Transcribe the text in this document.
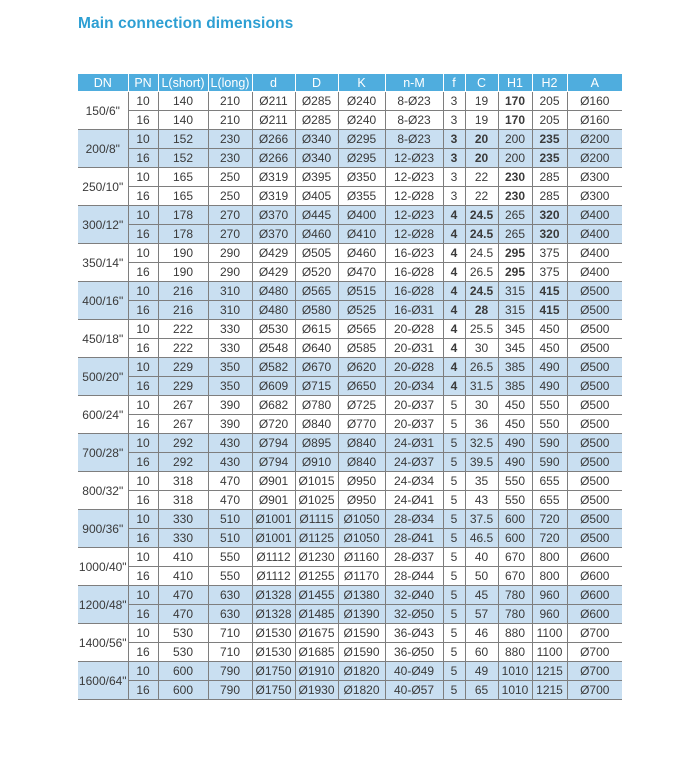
Main connection dimensions
DN	PN	L(short)	L(long)	d	D	K	n-M	f	C	H1	H2	A
150/6"	10	140	210	Ø211	Ø285	Ø240	8-Ø23	3	19	170	205	Ø160
	16	140	210	Ø211	Ø285	Ø240	8-Ø23	3	19	170	205	Ø160
200/8"	10	152	230	Ø266	Ø340	Ø295	8-Ø23	3	20	200	235	Ø200
	16	152	230	Ø266	Ø340	Ø295	12-Ø23	3	20	200	235	Ø200
250/10"	10	165	250	Ø319	Ø395	Ø350	12-Ø23	3	22	230	285	Ø300
	16	165	250	Ø319	Ø405	Ø355	12-Ø28	3	22	230	285	Ø300
300/12"	10	178	270	Ø370	Ø445	Ø400	12-Ø23	4	24.5	265	320	Ø400
	16	178	270	Ø370	Ø460	Ø410	12-Ø28	4	24.5	265	320	Ø400
350/14"	10	190	290	Ø429	Ø505	Ø460	16-Ø23	4	24.5	295	375	Ø400
	16	190	290	Ø429	Ø520	Ø470	16-Ø28	4	26.5	295	375	Ø400
400/16"	10	216	310	Ø480	Ø565	Ø515	16-Ø28	4	24.5	315	415	Ø500
	16	216	310	Ø480	Ø580	Ø525	16-Ø31	4	28	315	415	Ø500
450/18"	10	222	330	Ø530	Ø615	Ø565	20-Ø28	4	25.5	345	450	Ø500
	16	222	330	Ø548	Ø640	Ø585	20-Ø31	4	30	345	450	Ø500
500/20"	10	229	350	Ø582	Ø670	Ø620	20-Ø28	4	26.5	385	490	Ø500
	16	229	350	Ø609	Ø715	Ø650	20-Ø34	4	31.5	385	490	Ø500
600/24"	10	267	390	Ø682	Ø780	Ø725	20-Ø37	5	30	450	550	Ø500
	16	267	390	Ø720	Ø840	Ø770	20-Ø37	5	36	450	550	Ø500
700/28"	10	292	430	Ø794	Ø895	Ø840	24-Ø31	5	32.5	490	590	Ø500
	16	292	430	Ø794	Ø910	Ø840	24-Ø37	5	39.5	490	590	Ø500
800/32"	10	318	470	Ø901	Ø1015	Ø950	24-Ø34	5	35	550	655	Ø500
	16	318	470	Ø901	Ø1025	Ø950	24-Ø41	5	43	550	655	Ø500
900/36"	10	330	510	Ø1001	Ø1115	Ø1050	28-Ø34	5	37.5	600	720	Ø500
	16	330	510	Ø1001	Ø1125	Ø1050	28-Ø41	5	46.5	600	720	Ø500
1000/40"	10	410	550	Ø1112	Ø1230	Ø1160	28-Ø37	5	40	670	800	Ø600
	16	410	550	Ø1112	Ø1255	Ø1170	28-Ø44	5	50	670	800	Ø600
1200/48"	10	470	630	Ø1328	Ø1455	Ø1380	32-Ø40	5	45	780	960	Ø600
	16	470	630	Ø1328	Ø1485	Ø1390	32-Ø50	5	57	780	960	Ø600
1400/56"	10	530	710	Ø1530	Ø1675	Ø1590	36-Ø43	5	46	880	1100	Ø700
	16	530	710	Ø1530	Ø1685	Ø1590	36-Ø50	5	60	880	1100	Ø700
1600/64"	10	600	790	Ø1750	Ø1910	Ø1820	40-Ø49	5	49	1010	1215	Ø700
	16	600	790	Ø1750	Ø1930	Ø1820	40-Ø57	5	65	1010	1215	Ø700
